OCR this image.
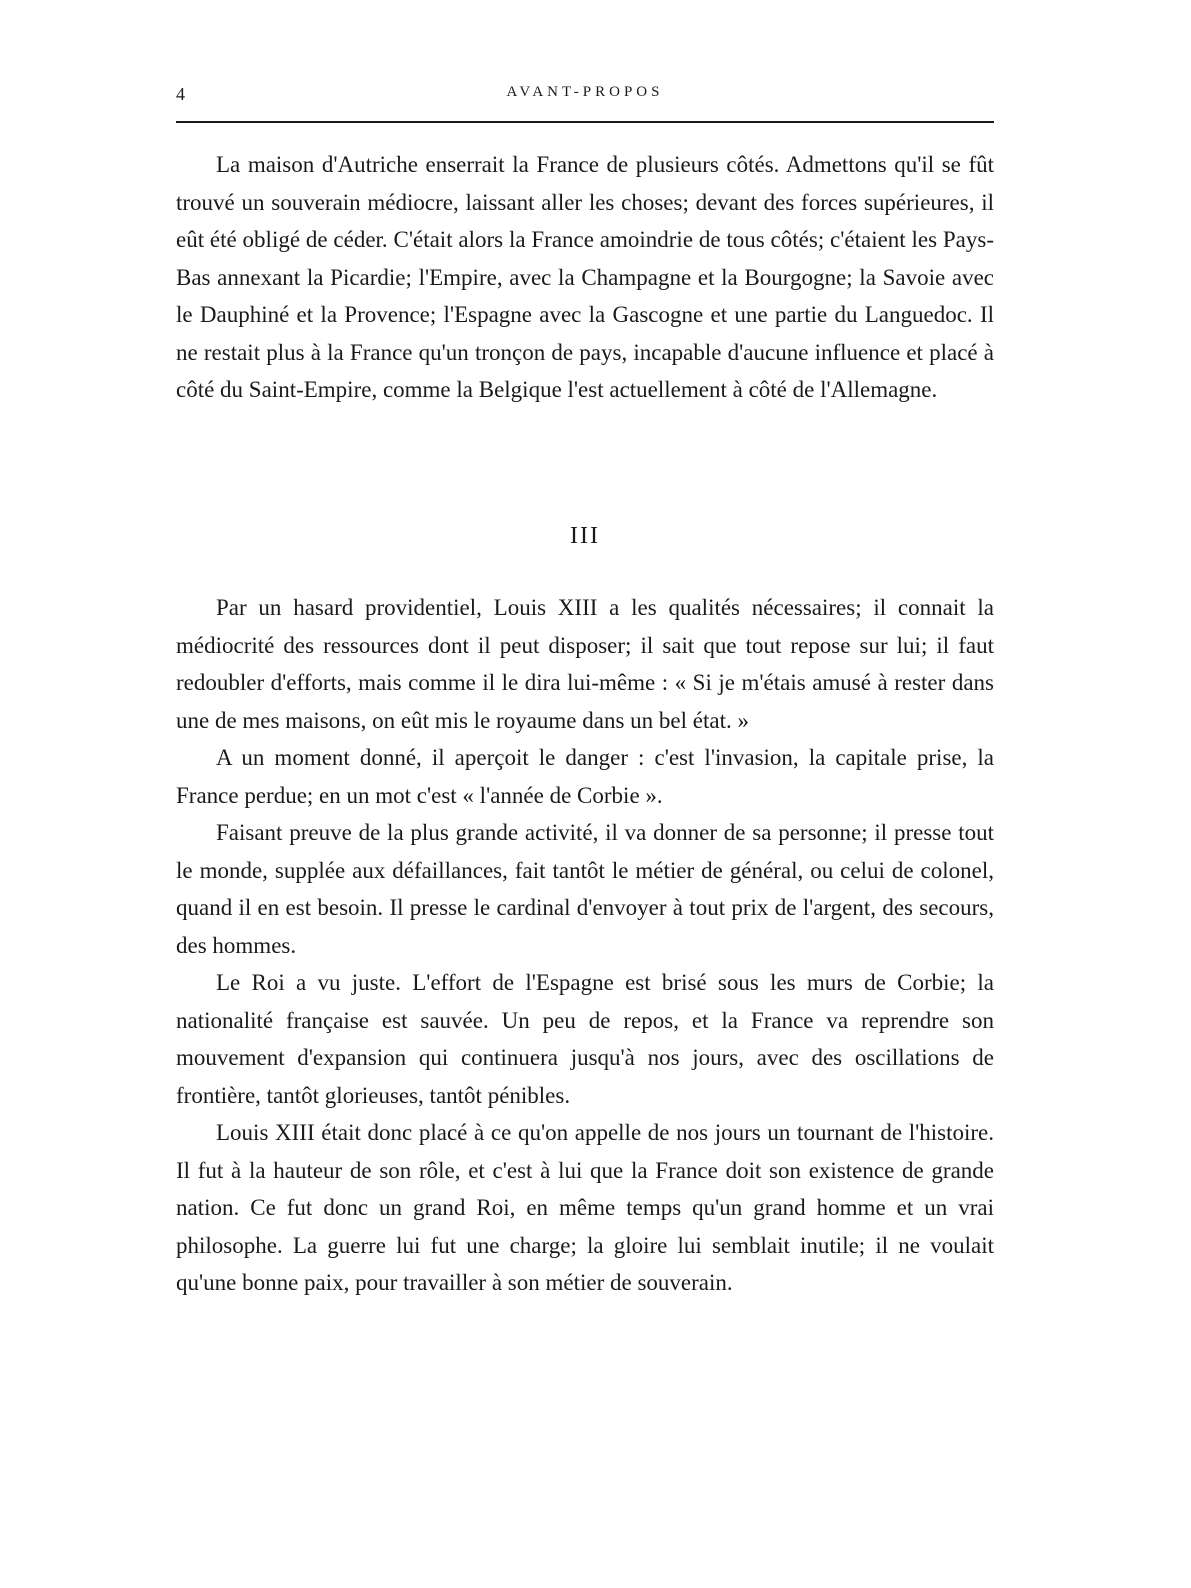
4	AVANT-PROPOS

La maison d'Autriche enserrait la France de plusieurs côtés. Admettons qu'il se fût trouvé un souverain médiocre, laissant aller les choses; devant des forces supérieures, il eût été obligé de céder. C'était alors la France amoindrie de tous côtés; c'étaient les Pays-Bas annexant la Picardie; l'Empire, avec la Champagne et la Bourgogne; la Savoie avec le Dauphiné et la Provence; l'Espagne avec la Gascogne et une partie du Languedoc. Il ne restait plus à la France qu'un tronçon de pays, incapable d'aucune influence et placé à côté du Saint-Empire, comme la Belgique l'est actuellement à côté de l'Allemagne.

III

Par un hasard providentiel, Louis XIII a les qualités nécessaires; il connait la médiocrité des ressources dont il peut disposer; il sait que tout repose sur lui; il faut redoubler d'efforts, mais comme il le dira lui-même : « Si je m'étais amusé à rester dans une de mes maisons, on eût mis le royaume dans un bel état. »

A un moment donné, il aperçoit le danger : c'est l'invasion, la capitale prise, la France perdue; en un mot c'est « l'année de Corbie ».

Faisant preuve de la plus grande activité, il va donner de sa personne; il presse tout le monde, supplée aux défaillances, fait tantôt le métier de général, ou celui de colonel, quand il en est besoin. Il presse le cardinal d'envoyer à tout prix de l'argent, des secours, des hommes.

Le Roi a vu juste. L'effort de l'Espagne est brisé sous les murs de Corbie; la nationalité française est sauvée. Un peu de repos, et la France va reprendre son mouvement d'expansion qui continuera jusqu'à nos jours, avec des oscillations de frontière, tantôt glorieuses, tantôt pénibles.

Louis XIII était donc placé à ce qu'on appelle de nos jours un tournant de l'histoire. Il fut à la hauteur de son rôle, et c'est à lui que la France doit son existence de grande nation. Ce fut donc un grand Roi, en même temps qu'un grand homme et un vrai philosophe. La guerre lui fut une charge; la gloire lui semblait inutile; il ne voulait qu'une bonne paix, pour travailler à son métier de souverain.
